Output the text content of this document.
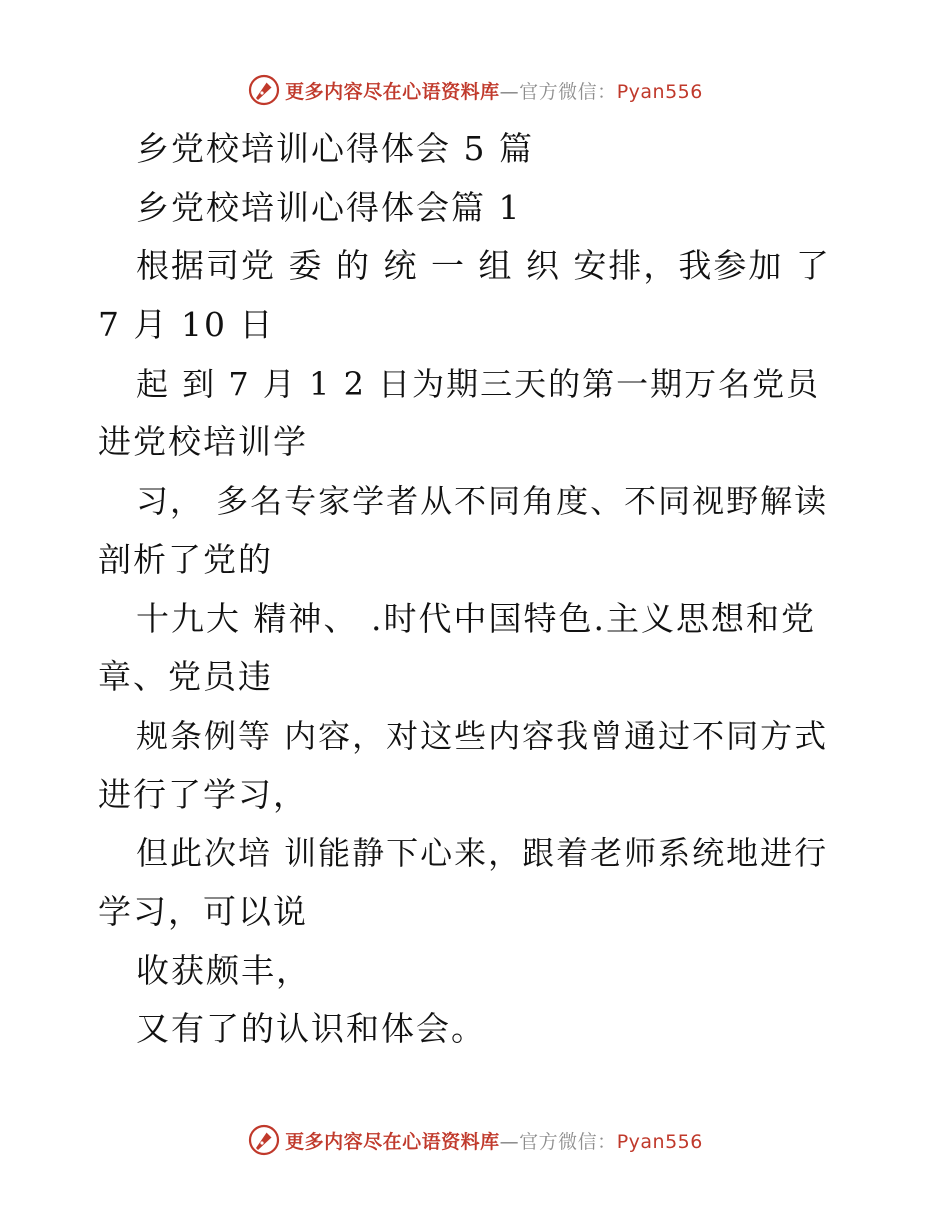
更多内容尽在心语资料库—官方微信：Pyan556
乡党校培训心得体会 5 篇
乡党校培训心得体会篇 1
根据司党 委 的 统 一 组 织 安排，我参加 了
7 月 10 日
起 到 7 月 1 2 日为期三天的第一期万名党员
进党校培训学
习， 多名专家学者从不同角度、不同视野解读
剖析了党的
十九大 精神、 .时代中国特色.主义思想和党
章、党员违
规条例等 内容，对这些内容我曾通过不同方式
进行了学习，
但此次培 训能静下心来，跟着老师系统地进行
学习，可以说
收获颇丰，
又有了的认识和体会。
更多内容尽在心语资料库—官方微信：Pyan556
